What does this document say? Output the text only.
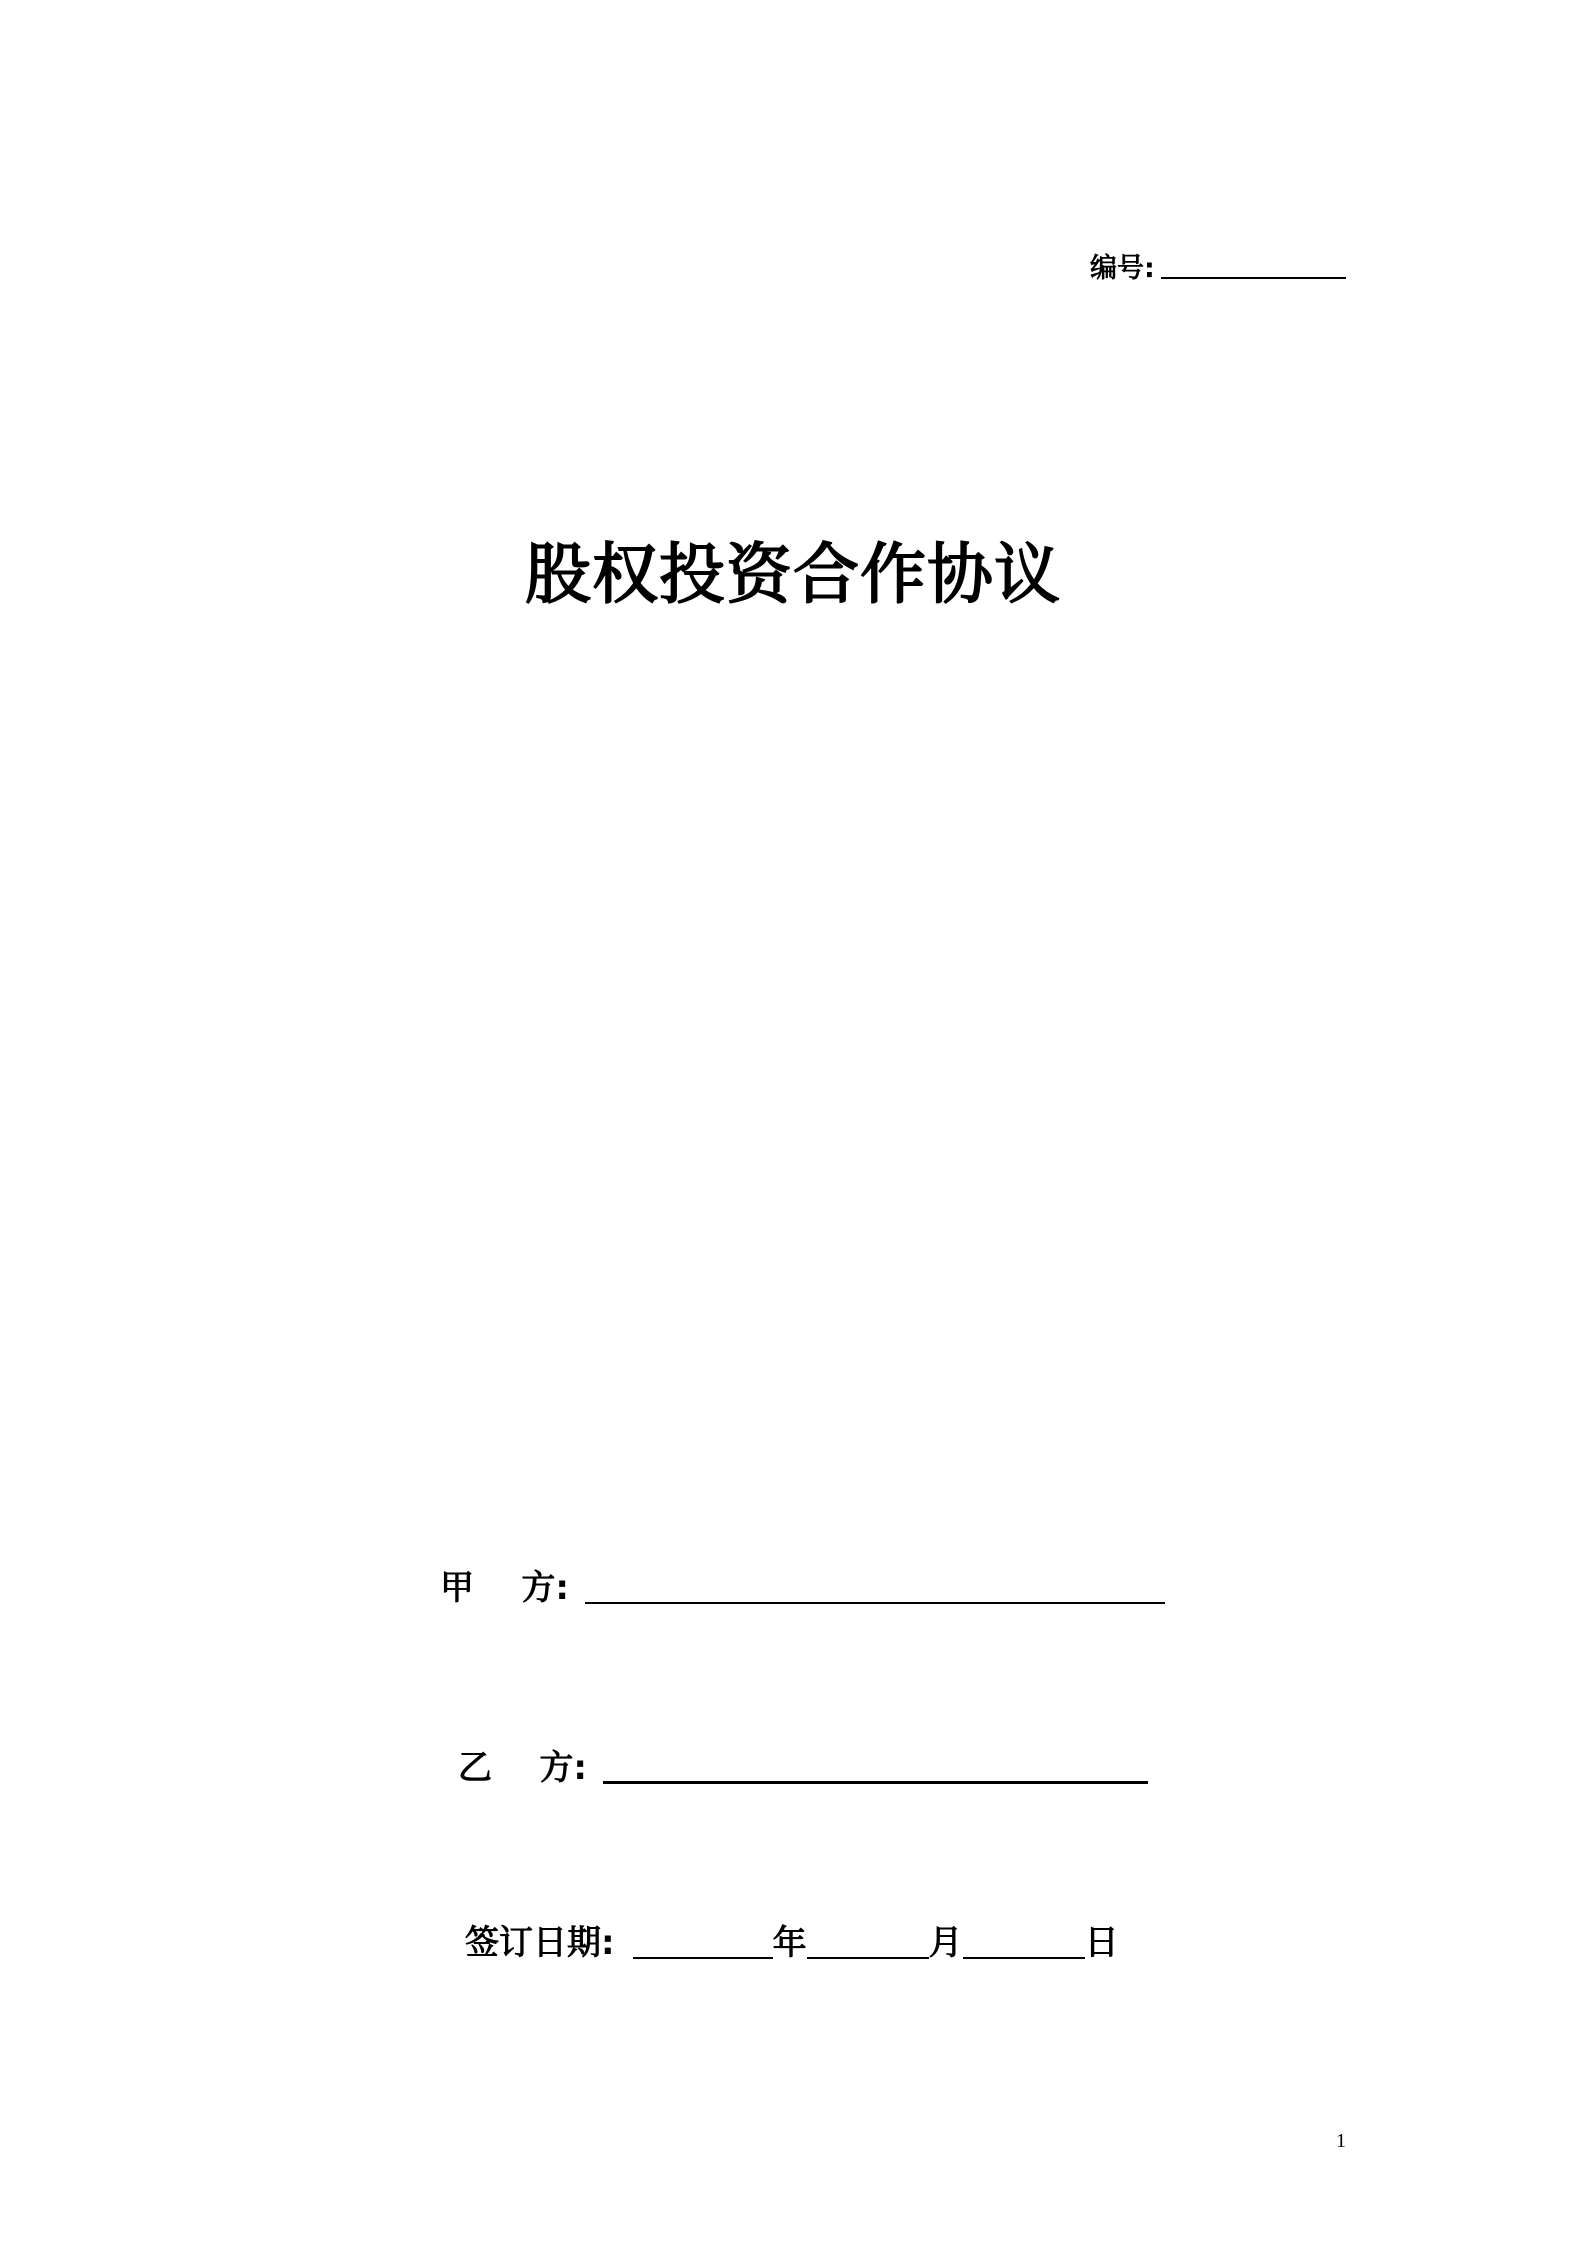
编号:
股权投资合作协议
甲    方:
乙    方:
签订日期:	年	月	日
1
